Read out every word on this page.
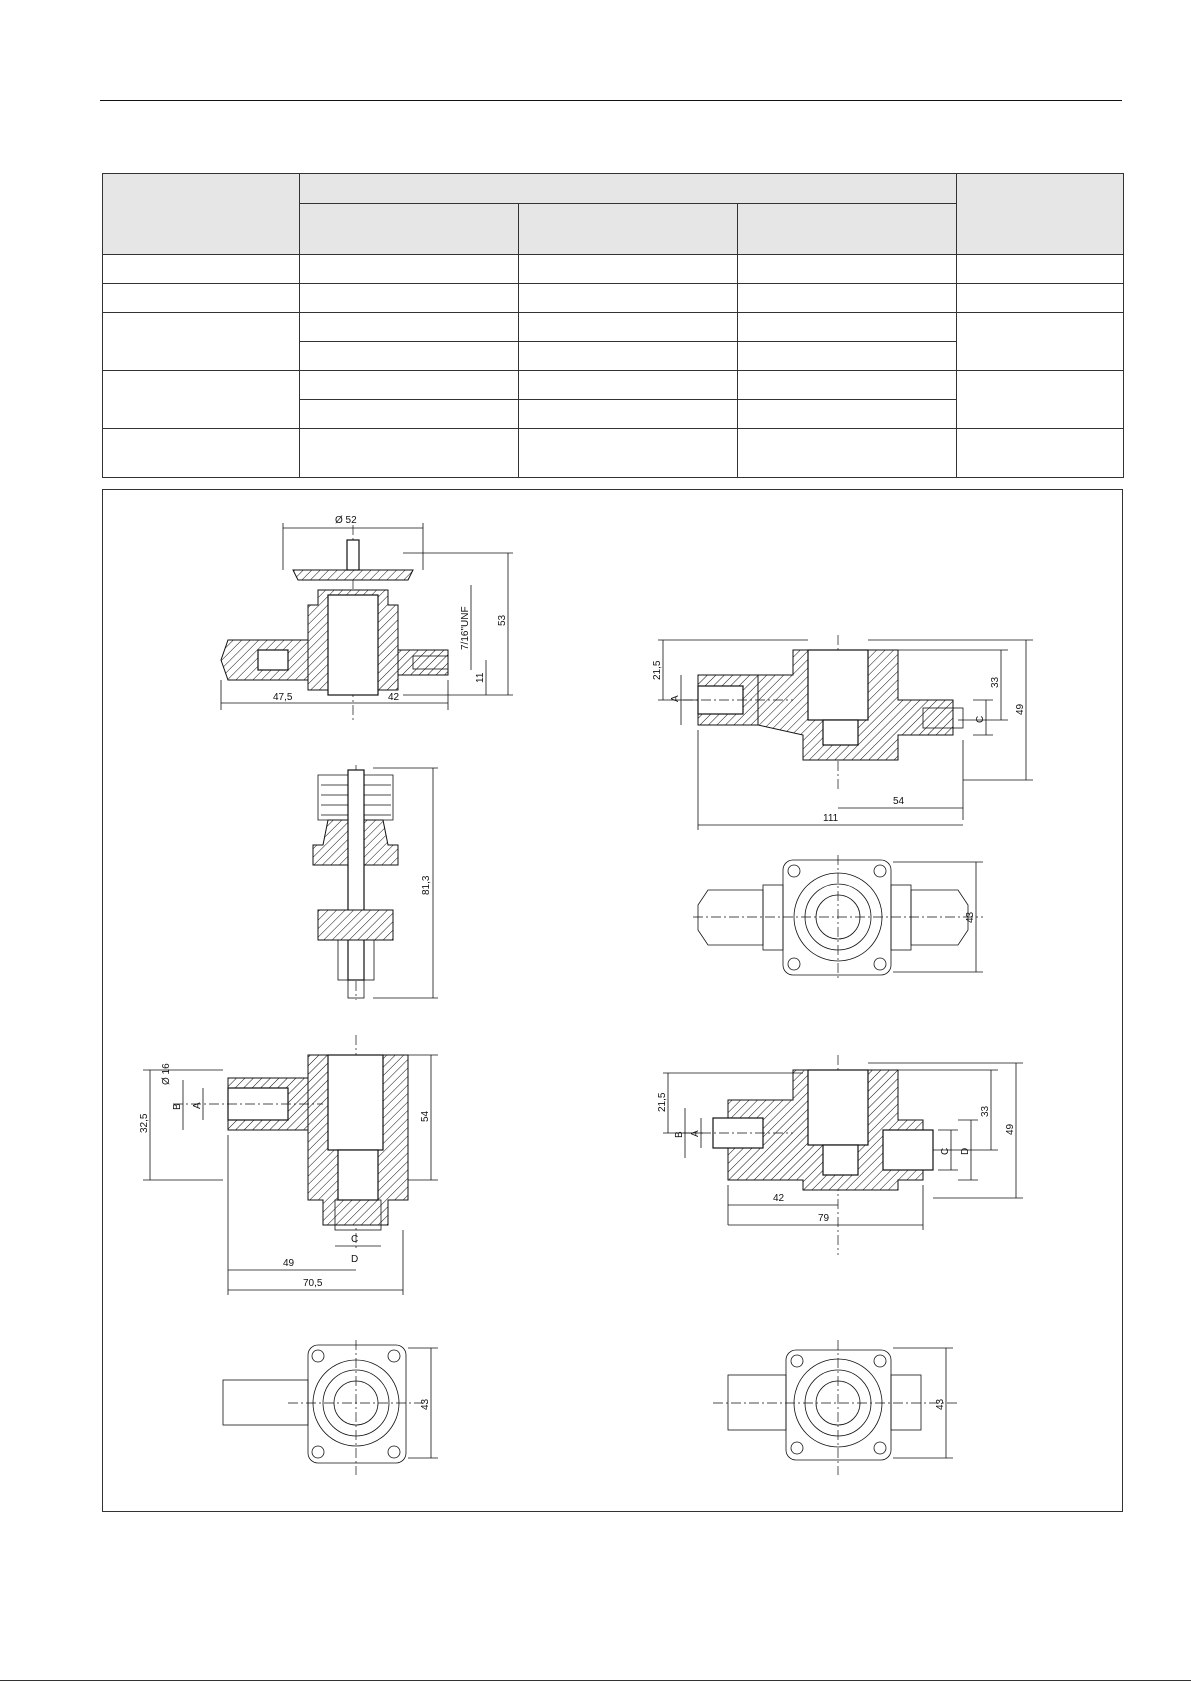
Ø 52
53
7/16"UNF
11
47,5	42
81,3
Ø 16
32,5
B A
54
C
D
49
70,5
43
21,5
A
C
33
49
54
111
43
21,5
B A
C D
33
49
42
79
43
